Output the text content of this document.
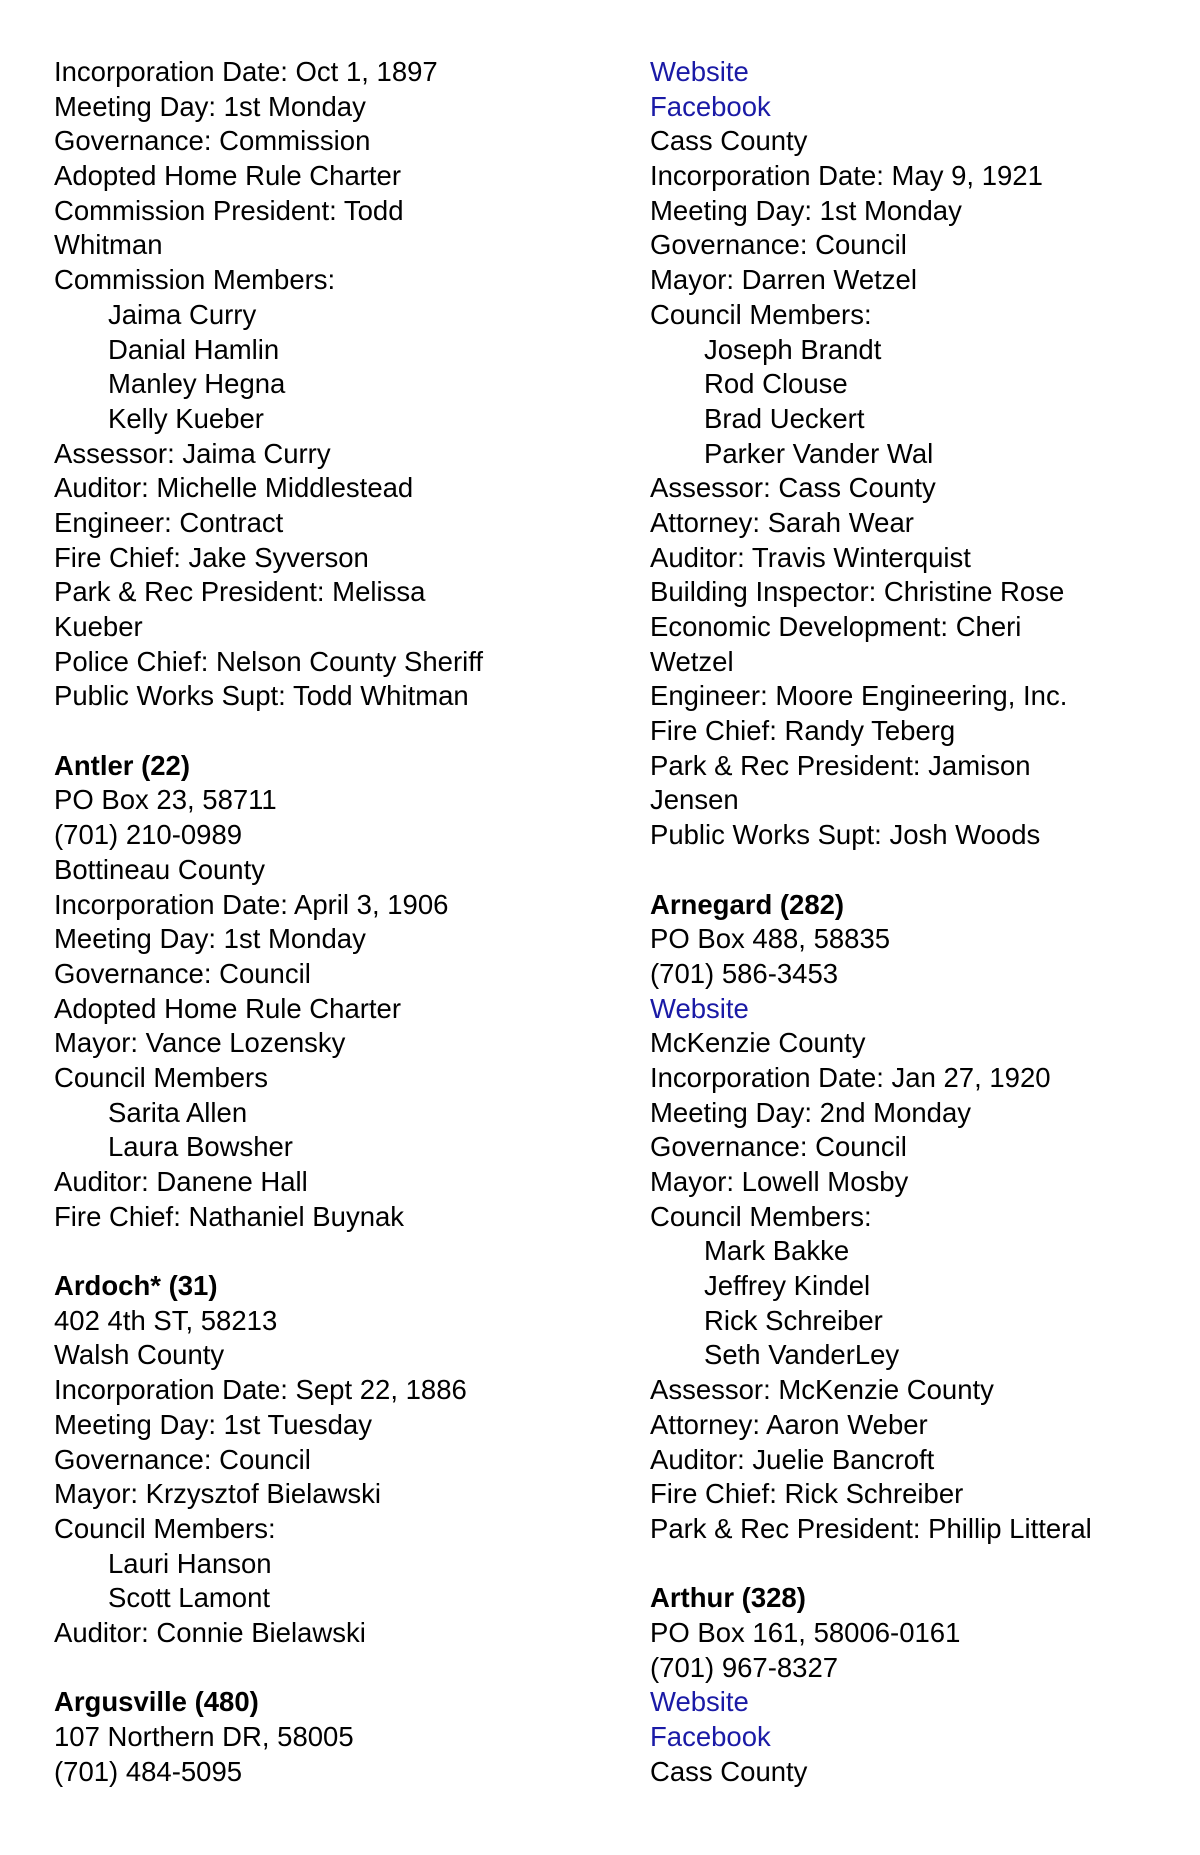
Incorporation Date: Oct 1, 1897
Meeting Day: 1st Monday
Governance: Commission
Adopted Home Rule Charter
Commission President: Todd
Whitman
Commission Members:
Jaima Curry
Danial Hamlin
Manley Hegna
Kelly Kueber
Assessor: Jaima Curry
Auditor: Michelle Middlestead
Engineer: Contract
Fire Chief: Jake Syverson
Park & Rec President: Melissa
Kueber
Police Chief: Nelson County Sheriff
Public Works Supt: Todd Whitman
Antler (22)
PO Box 23, 58711
(701) 210-0989
Bottineau County
Incorporation Date: April 3, 1906
Meeting Day: 1st Monday
Governance: Council
Adopted Home Rule Charter
Mayor: Vance Lozensky
Council Members
Sarita Allen
Laura Bowsher
Auditor: Danene Hall
Fire Chief: Nathaniel Buynak
Ardoch* (31)
402 4th ST, 58213
Walsh County
Incorporation Date: Sept 22, 1886
Meeting Day: 1st Tuesday
Governance: Council
Mayor: Krzysztof Bielawski
Council Members:
Lauri Hanson
Scott Lamont
Auditor: Connie Bielawski
Argusville (480)
107 Northern DR, 58005
(701) 484-5095
Website
Facebook
Cass County
Incorporation Date: May 9, 1921
Meeting Day: 1st Monday
Governance: Council
Mayor: Darren Wetzel
Council Members:
Joseph Brandt
Rod Clouse
Brad Ueckert
Parker Vander Wal
Assessor: Cass County
Attorney: Sarah Wear
Auditor: Travis Winterquist
Building Inspector: Christine Rose
Economic Development: Cheri
Wetzel
Engineer: Moore Engineering, Inc.
Fire Chief: Randy Teberg
Park & Rec President: Jamison
Jensen
Public Works Supt: Josh Woods
Arnegard (282)
PO Box 488, 58835
(701) 586-3453
Website
McKenzie County
Incorporation Date: Jan 27, 1920
Meeting Day: 2nd Monday
Governance: Council
Mayor: Lowell Mosby
Council Members:
Mark Bakke
Jeffrey Kindel
Rick Schreiber
Seth VanderLey
Assessor: McKenzie County
Attorney: Aaron Weber
Auditor: Juelie Bancroft
Fire Chief: Rick Schreiber
Park & Rec President: Phillip Litteral
Arthur (328)
PO Box 161, 58006-0161
(701) 967-8327
Website
Facebook
Cass County
